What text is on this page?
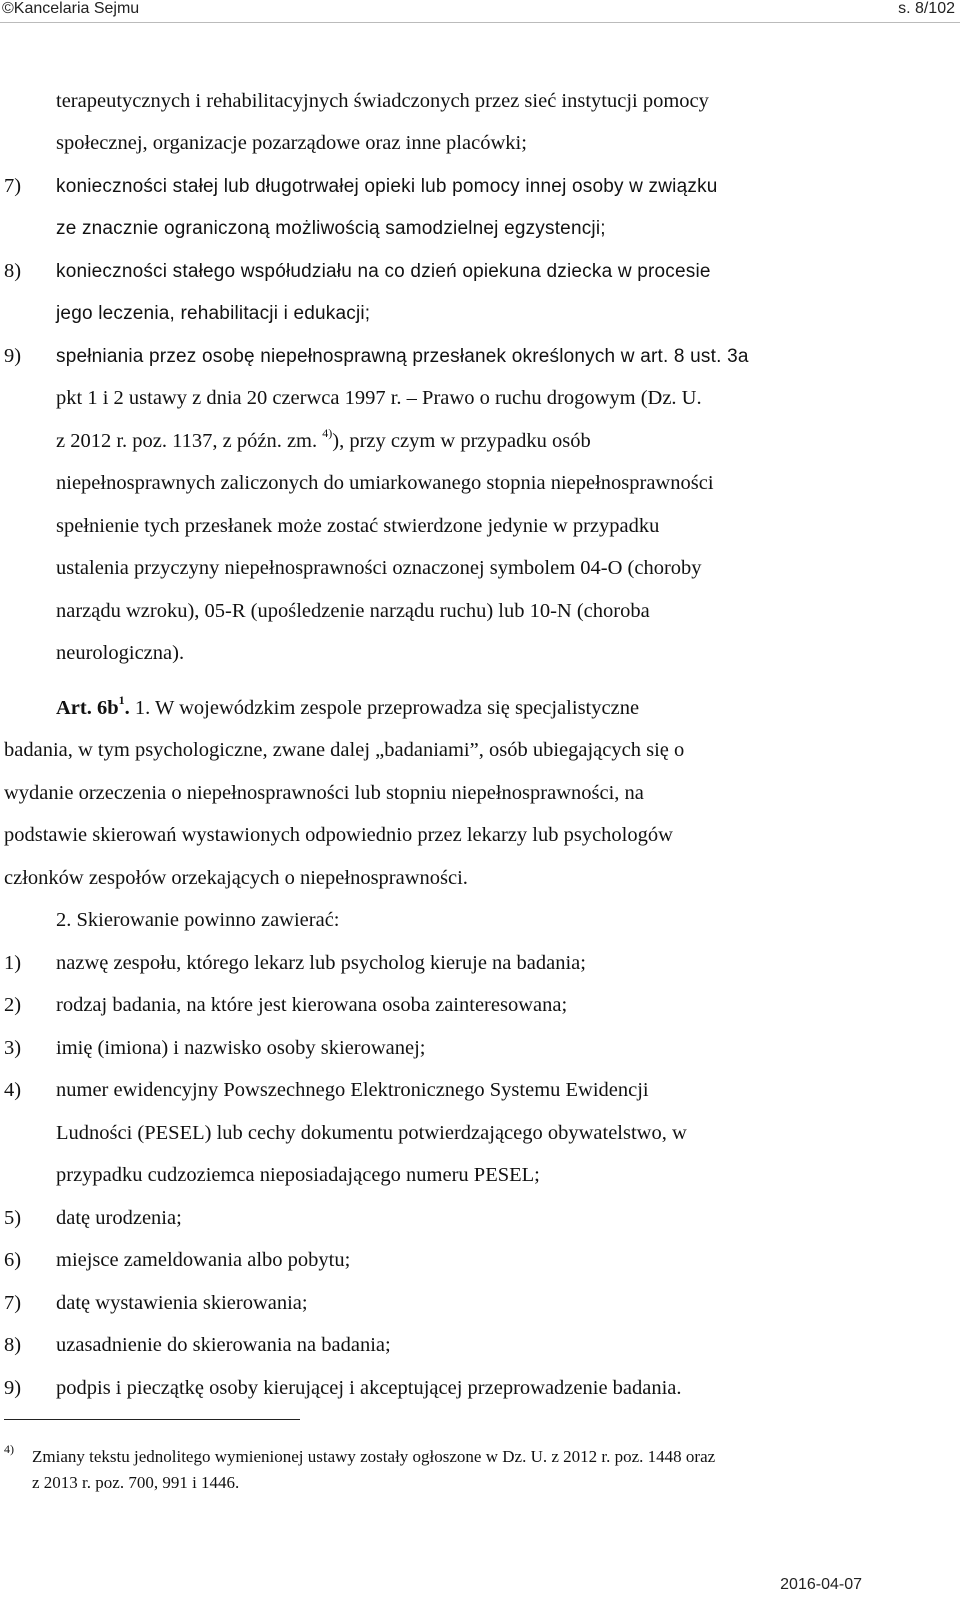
©Kancelaria Sejmu	s. 8/102
terapeutycznych i rehabilitacyjnych świadczonych przez sieć instytucji pomocy
społecznej, organizacje pozarządowe oraz inne placówki;
7) konieczności stałej lub długotrwałej opieki lub pomocy innej osoby w związku
ze znacznie ograniczoną możliwością samodzielnej egzystencji;
8) konieczności stałego współudziału na co dzień opiekuna dziecka w procesie
jego leczenia, rehabilitacji i edukacji;
9) spełniania przez osobę niepełnosprawną przesłanek określonych w art. 8 ust. 3a
pkt 1 i 2 ustawy z dnia 20 czerwca 1997 r. – Prawo o ruchu drogowym (Dz. U.
z 2012 r. poz. 1137, z późn. zm. $^{4)}$), przy czym w przypadku osób
niepełnosprawnych zaliczonych do umiarkowanego stopnia niepełnosprawności
spełnienie tych przesłanek może zostać stwierdzone jedynie w przypadku
ustalenia przyczyny niepełnosprawności oznaczonej symbolem 04-O (choroby
narządu wzroku), 05-R (upośledzenie narządu ruchu) lub 10-N (choroba
neurologiczna).
Art. $6b^1$. 1. W wojewódzkim zespole przeprowadza się specjalistyczne
badania, w tym psychologiczne, zwane dalej „badaniami”, osób ubiegających się o
wydanie orzeczenia o niepełnosprawności lub stopniu niepełnosprawności, na
podstawie skierowań wystawionych odpowiednio przez lekarzy lub psychologów
członków zespołów orzekających o niepełnosprawności.
2. Skierowanie powinno zawierać:
1) nazwę zespołu, którego lekarz lub psycholog kieruje na badania;
2) rodzaj badania, na które jest kierowana osoba zainteresowana;
3) imię (imiona) i nazwisko osoby skierowanej;
4) numer ewidencyjny Powszechnego Elektronicznego Systemu Ewidencji
Ludności (PESEL) lub cechy dokumentu potwierdzającego obywatelstwo, w
przypadku cudzoziemca nieposiadającego numeru PESEL;
5) datę urodzenia;
6) miejsce zameldowania albo pobytu;
7) datę wystawienia skierowania;
8) uzasadnienie do skierowania na badania;
9) podpis i pieczątkę osoby kierującej i akceptującej przeprowadzenie badania.
$^{4)}$ Zmiany tekstu jednolitego wymienionej ustawy zostały ogłoszone w Dz. U. z 2012 r. poz. 1448 oraz
z 2013 r. poz. 700, 991 i 1446.
2016-04-07
